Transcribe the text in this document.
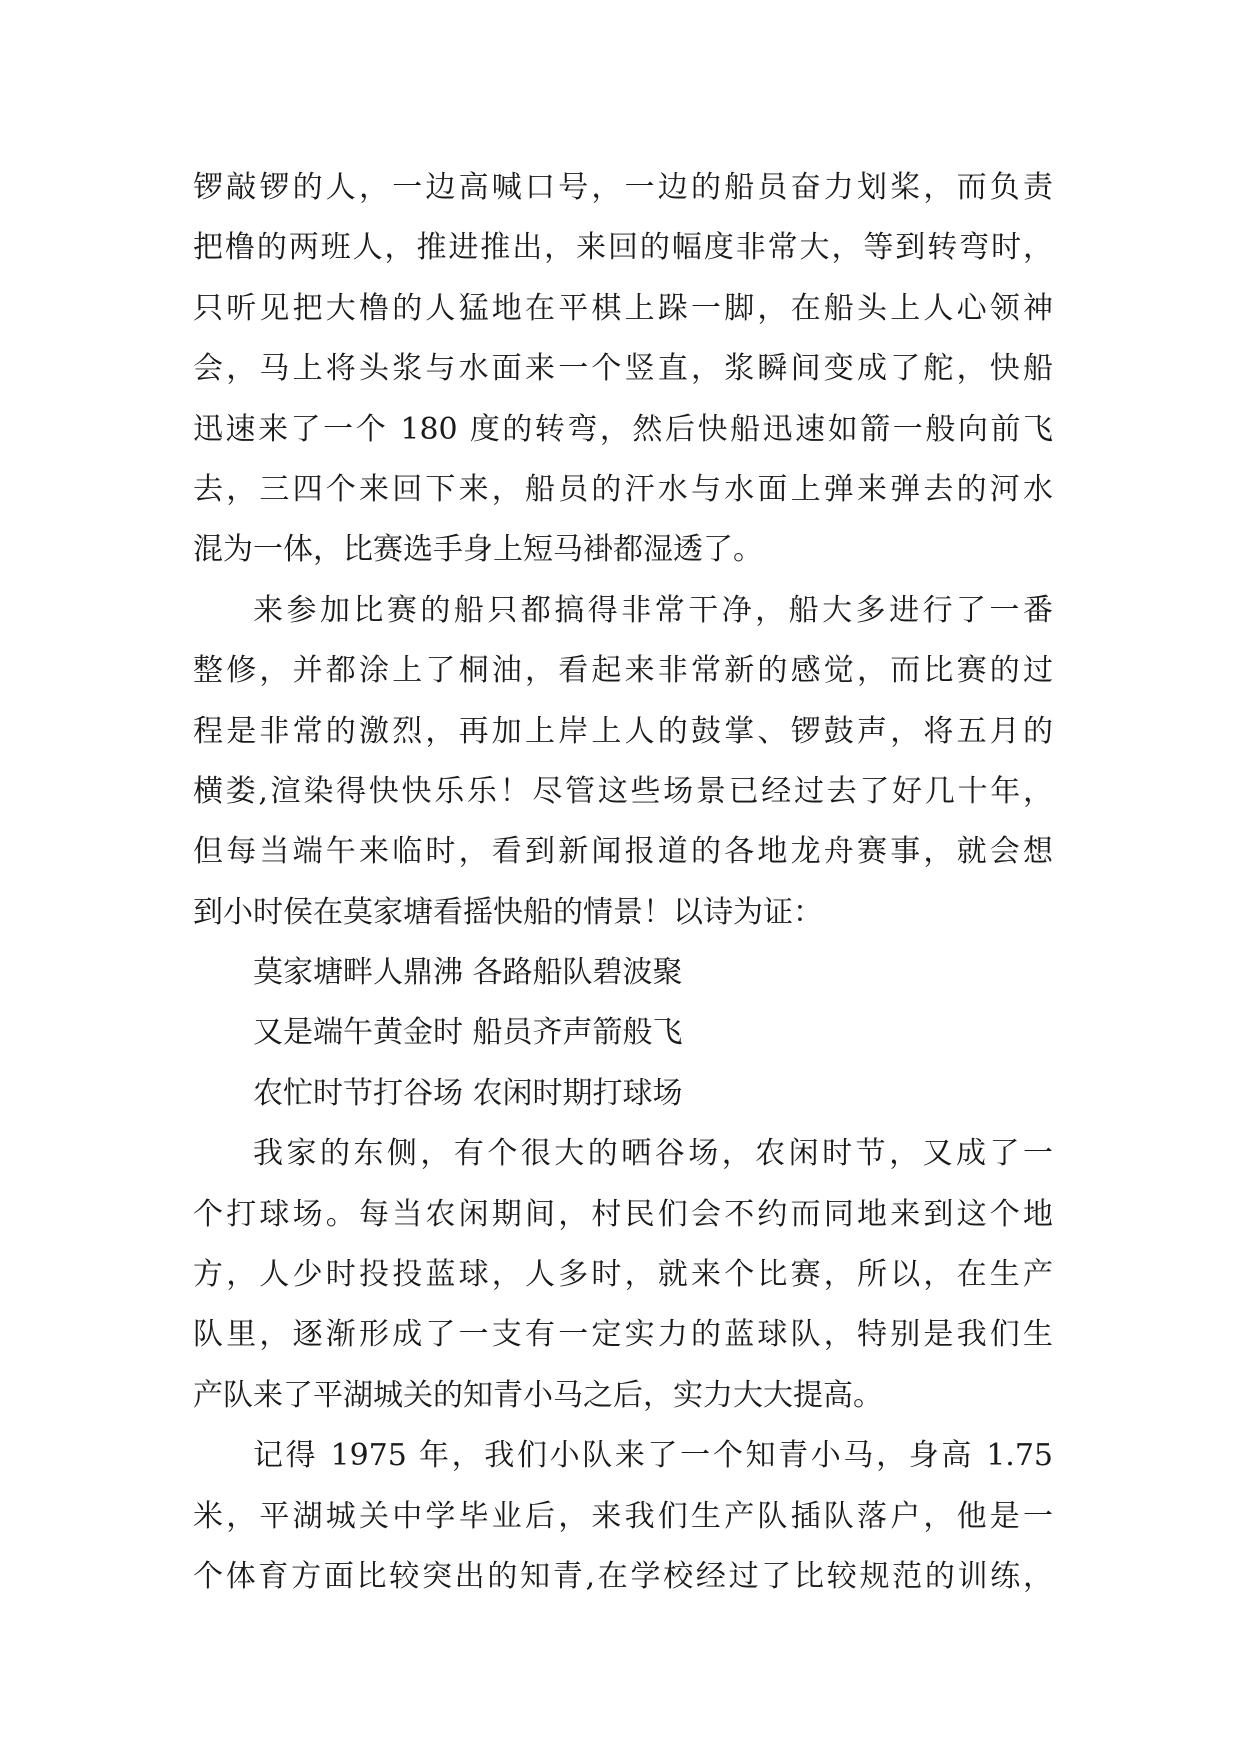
锣敲锣的人，一边高喊口号，一边的船员奋力划桨，而负责
把橹的两班人，推进推出，来回的幅度非常大，等到转弯时，
只听见把大橹的人猛地在平棋上跺一脚，在船头上人心领神
会，马上将头浆与水面来一个竖直，浆瞬间变成了舵，快船
迅速来了一个 180 度的转弯，然后快船迅速如箭一般向前飞
去，三四个来回下来，船员的汗水与水面上弹来弹去的河水
混为一体，比赛选手身上短马褂都湿透了。
来参加比赛的船只都搞得非常干净，船大多进行了一番
整修，并都涂上了桐油，看起来非常新的感觉，而比赛的过
程是非常的激烈，再加上岸上人的鼓掌、锣鼓声，将五月的
横娄,渲染得快快乐乐！尽管这些场景已经过去了好几十年，
但每当端午来临时，看到新闻报道的各地龙舟赛事，就会想
到小时侯在莫家塘看摇快船的情景！以诗为证：
莫家塘畔人鼎沸 各路船队碧波聚
又是端午黄金时 船员齐声箭般飞
农忙时节打谷场 农闲时期打球场
我家的东侧，有个很大的晒谷场，农闲时节，又成了一
个打球场。每当农闲期间，村民们会不约而同地来到这个地
方，人少时投投蓝球，人多时，就来个比赛，所以，在生产
队里，逐渐形成了一支有一定实力的蓝球队，特别是我们生
产队来了平湖城关的知青小马之后，实力大大提高。
记得 1975 年，我们小队来了一个知青小马，身高 1.75
米，平湖城关中学毕业后，来我们生产队插队落户，他是一
个体育方面比较突出的知青,在学校经过了比较规范的训练，
